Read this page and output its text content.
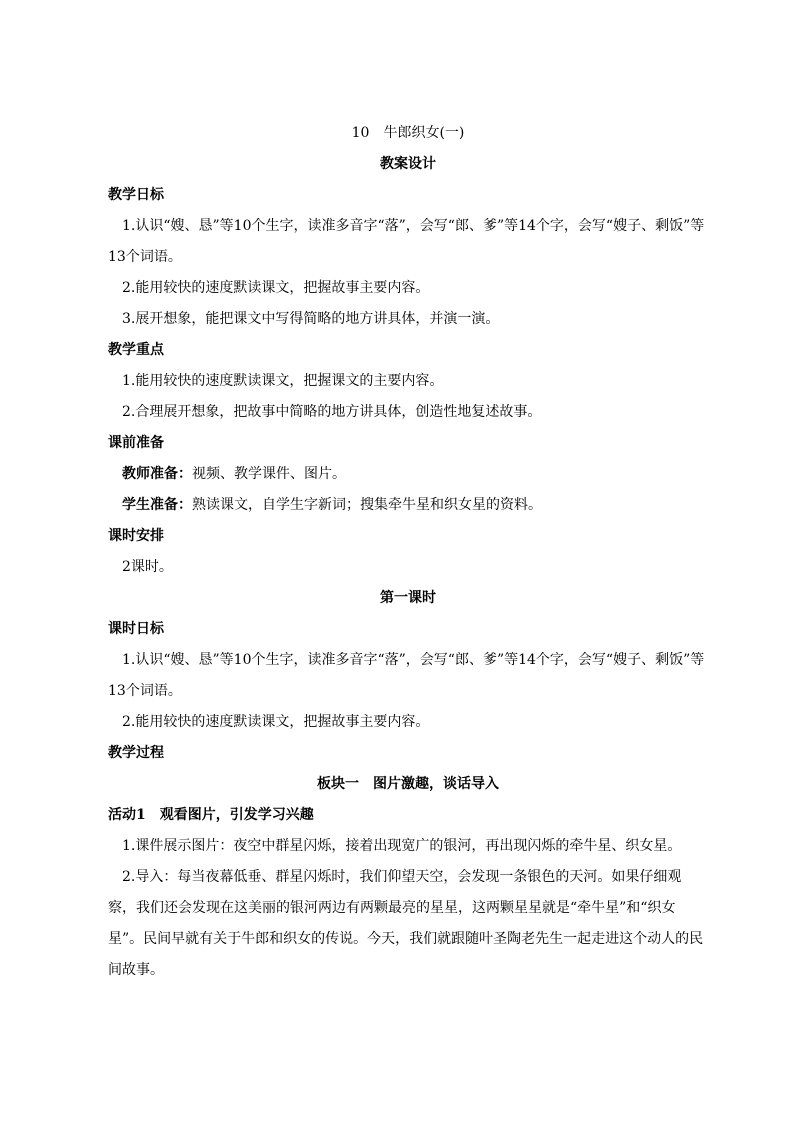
10　牛郎织女(一)
教案设计
教学日标
1.认识“嫂、恳”等10个生字，读准多音字“落”，会写“郎、爹”等14个字，会写“嫂子、剩饭”等13个词语。
2.能用较快的速度默读课文，把握故事主要内容。
3.展开想象，能把课文中写得简略的地方讲具体，并演一演。
教学重点
1.能用较快的速度默读课文，把握课文的主要内容。
2.合理展开想象，把故事中简略的地方讲具体，创造性地复述故事。
课前准备
教师准备：视频、教学课件、图片。
学生准备：熟读课文，自学生字新词；搜集牵牛星和织女星的资料。
课时安排
2课时。
第一课时
课时日标
1.认识“嫂、恳”等10个生字，读准多音字“落”，会写“郎、爹”等14个字，会写“嫂子、剩饭”等13个词语。
2.能用较快的速度默读课文，把握故事主要内容。
教学过程
板块一　图片激趣，谈话导入
活动1　观看图片，引发学习兴趣
1.课件展示图片：夜空中群星闪烁，接着出现宽广的银河，再出现闪烁的牵牛星、织女星。
2.导入：每当夜幕低垂、群星闪烁时，我们仰望天空，会发现一条银色的天河。如果仔细观察，我们还会发现在这美丽的银河两边有两颗最亮的星星，这两颗星星就是“牵牛星”和“织女星”。民间早就有关于牛郎和织女的传说。今天，我们就跟随叶圣陶老先生一起走进这个动人的民间故事。
